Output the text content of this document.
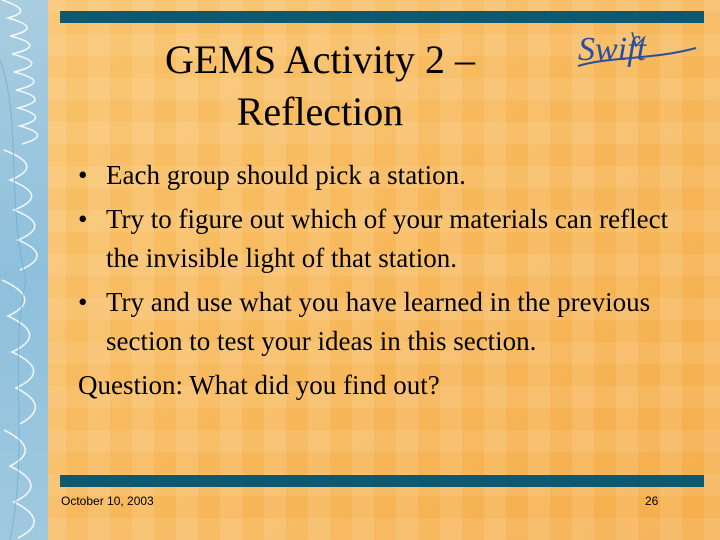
GEMS Activity 2 –
Reflection
Swift

• Each group should pick a station.

• Try to figure out which of your materials can reflect the invisible light of that station.

• Try and use what you have learned in the previous section to test your ideas in this section.

Question: What did you find out?

October 10, 2003	26
